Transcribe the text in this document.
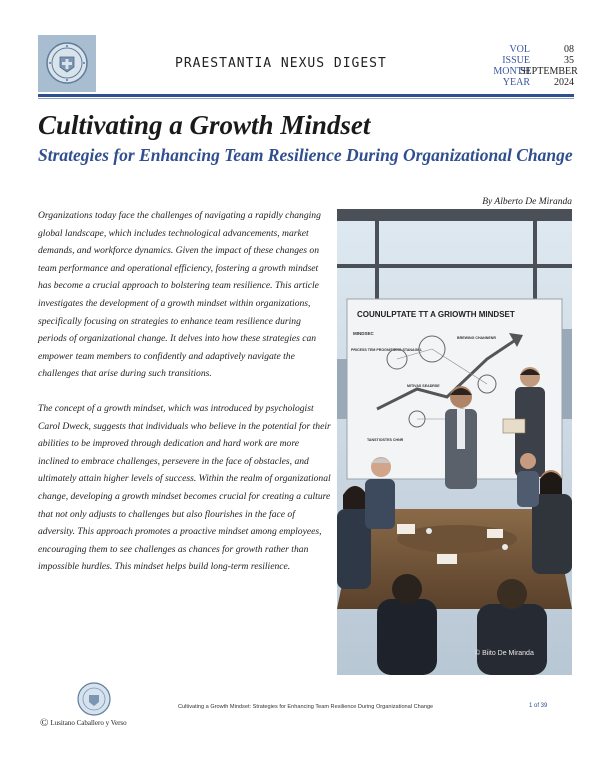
PRAESTANTIA NEXUS DIGEST
VOL
ISSUE
MONTH
YEAR
08
35
SEPTEMBER
2024
Cultivating a Growth Mindset
Strategies for Enhancing Team Resilience During Organizational Change
By Alberto De Miranda

Organizations today face the challenges of navigating a rapidly changing global landscape, which includes technological advancements, market demands, and workforce dynamics. Given the impact of these changes on team performance and operational efficiency, fostering a growth mindset has become a crucial approach to bolstering team resilience. This article investigates the development of a growth mindset within organizations, specifically focusing on strategies to enhance team resilience during periods of organizational change. It delves into how these strategies can empower team members to confidently and adaptively navigate the challenges that arise during such transitions.

The concept of a growth mindset, which was introduced by psychologist Carol Dweck, suggests that individuals who believe in the potential for their abilities to be improved through dedication and hard work are more inclined to embrace challenges, persevere in the face of obstacles, and ultimately attain higher levels of success. Within the realm of organizational change, developing a growth mindset becomes crucial for creating a culture that not only adjusts to challenges but also flourishes in the face of adversity. This approach promotes a proactive mindset among employees, encouraging them to see challenges as chances for growth rather than impossible hurdles. This mindset helps build long-term resilience.

COUNULPTATE TT A GRIOWTH MINDSET
MINDSEC
PRICESS TEM PROGNITIENG STANAGEL
BREWING CHANNENR
MITIVAS SEADRSE
TANSTIOSTES CHNR
© Biito De Miranda
© Lusitano Caballero y Verso
Cultivating a Growth Mindset: Strategies for Enhancing Team Resilience During Organizational Change	1 of 39
